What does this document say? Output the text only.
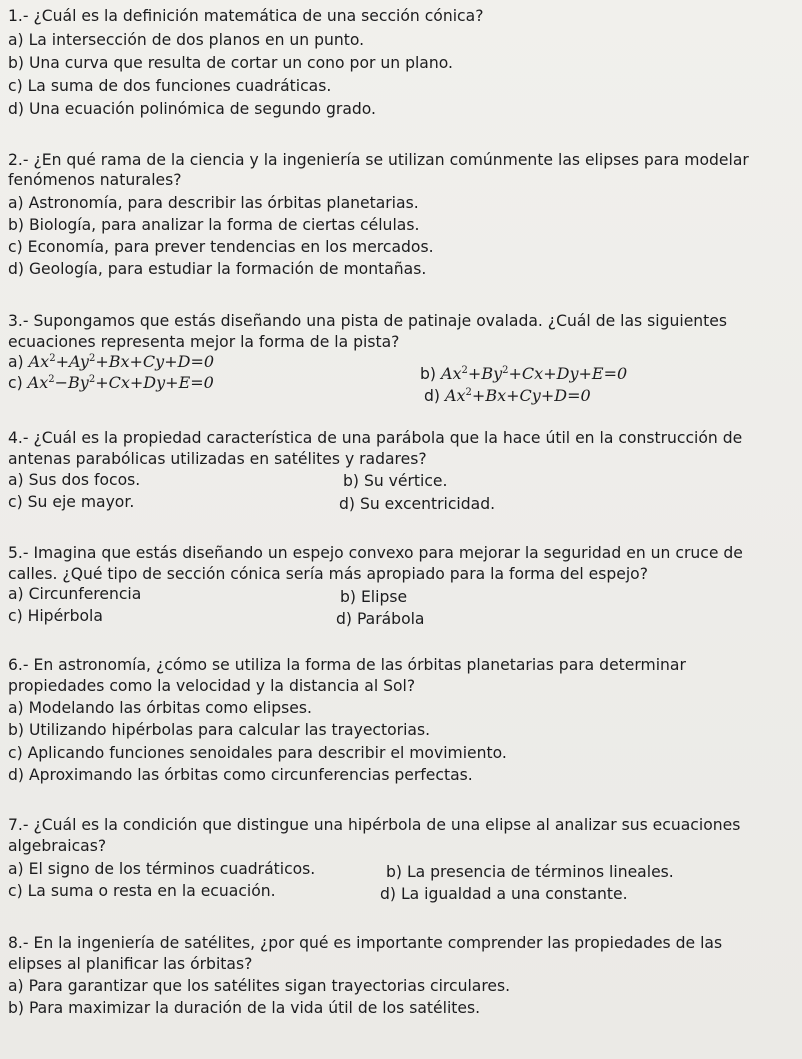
1.- ¿Cuál es la definición matemática de una sección cónica?
a) La intersección de dos planos en un punto.
b) Una curva que resulta de cortar un cono por un plano.
c) La suma de dos funciones cuadráticas.
d) Una ecuación polinómica de segundo grado.
2.- ¿En qué rama de la ciencia y la ingeniería se utilizan comúnmente las elipses para modelar
fenómenos naturales?
a) Astronomía, para describir las órbitas planetarias.
b) Biología, para analizar la forma de ciertas células.
c) Economía, para prever tendencias en los mercados.
d) Geología, para estudiar la formación de montañas.
3.- Supongamos que estás diseñando una pista de patinaje ovalada. ¿Cuál de las siguientes
ecuaciones representa mejor la forma de la pista?
a) $Ax^2+Ay^2+Bx+Cy+D=0$
b) $Ax^2+By^2+Cx+Dy+E=0$
c) $Ax^2-By^2+Cx+Dy+E=0$
d) $Ax^2+Bx+Cy+D=0$
4.- ¿Cuál es la propiedad característica de una parábola que la hace útil en la construcción de
antenas parabólicas utilizadas en satélites y radares?
a) Sus dos focos.	b) Su vértice.
c) Su eje mayor.	d) Su excentricidad.
5.- Imagina que estás diseñando un espejo convexo para mejorar la seguridad en un cruce de
calles. ¿Qué tipo de sección cónica sería más apropiado para la forma del espejo?
a) Circunferencia	b) Elipse
c) Hipérbola	d) Parábola
6.- En astronomía, ¿cómo se utiliza la forma de las órbitas planetarias para determinar
propiedades como la velocidad y la distancia al Sol?
a) Modelando las órbitas como elipses.
b) Utilizando hipérbolas para calcular las trayectorias.
c) Aplicando funciones senoidales para describir el movimiento.
d) Aproximando las órbitas como circunferencias perfectas.
7.- ¿Cuál es la condición que distingue una hipérbola de una elipse al analizar sus ecuaciones
algebraicas?
a) El signo de los términos cuadráticos.	b) La presencia de términos lineales.
c) La suma o resta en la ecuación.	d) La igualdad a una constante.
8.- En la ingeniería de satélites, ¿por qué es importante comprender las propiedades de las
elipses al planificar las órbitas?
a) Para garantizar que los satélites sigan trayectorias circulares.
b) Para maximizar la duración de la vida útil de los satélites.
